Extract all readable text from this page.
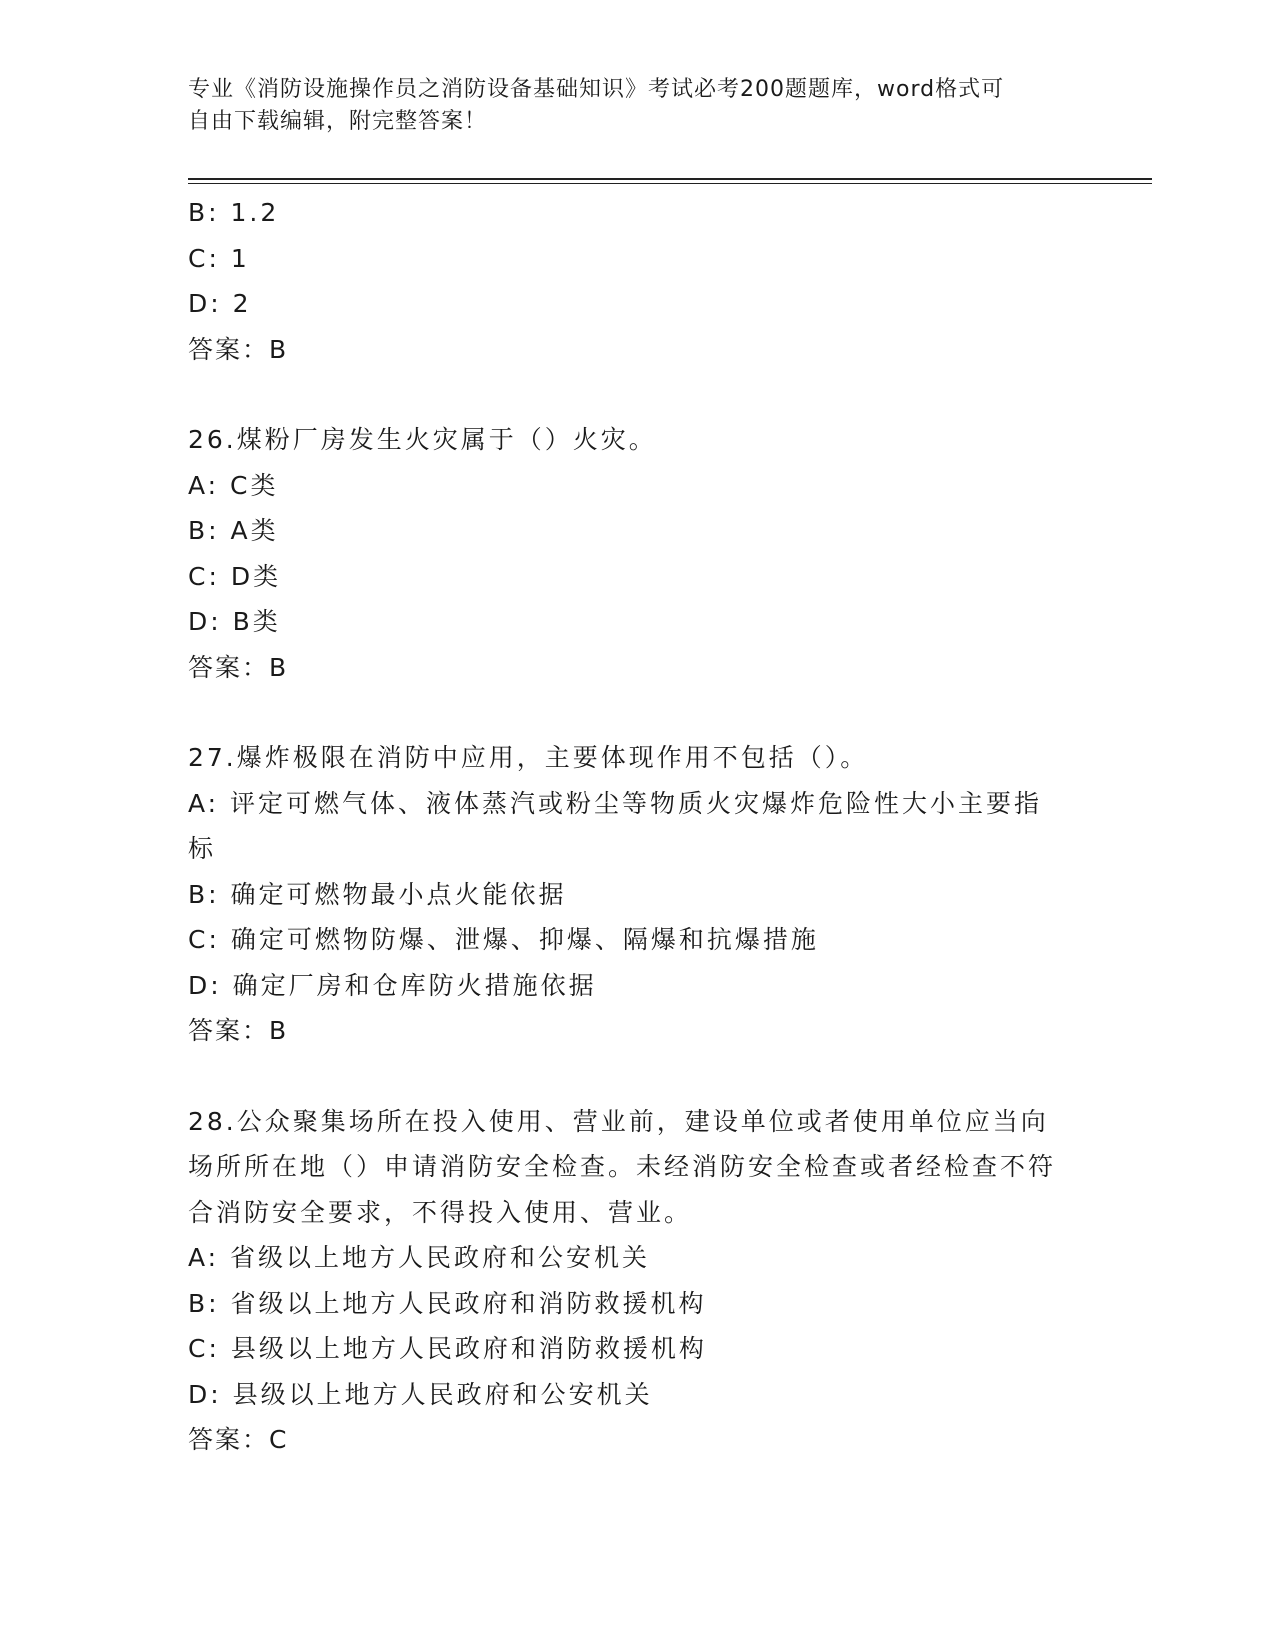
专业《消防设施操作员之消防设备基础知识》考试必考200题题库，word格式可
自由下载编辑，附完整答案！
B: 1.2
C: 1
D: 2
答案：B
26.煤粉厂房发生火灾属于（）火灾。
A: C类
B: A类
C: D类
D: B类
答案：B
27.爆炸极限在消防中应用，主要体现作用不包括（）。
A: 评定可燃气体、液体蒸汽或粉尘等物质火灾爆炸危险性大小主要指标
B: 确定可燃物最小点火能依据
C: 确定可燃物防爆、泄爆、抑爆、隔爆和抗爆措施
D: 确定厂房和仓库防火措施依据
答案：B
28.公众聚集场所在投入使用、营业前，建设单位或者使用单位应当向场所所在地（）申请消防安全检查。未经消防安全检查或者经检查不符合消防安全要求，不得投入使用、营业。
A: 省级以上地方人民政府和公安机关
B: 省级以上地方人民政府和消防救援机构
C: 县级以上地方人民政府和消防救援机构
D: 县级以上地方人民政府和公安机关
答案：C
